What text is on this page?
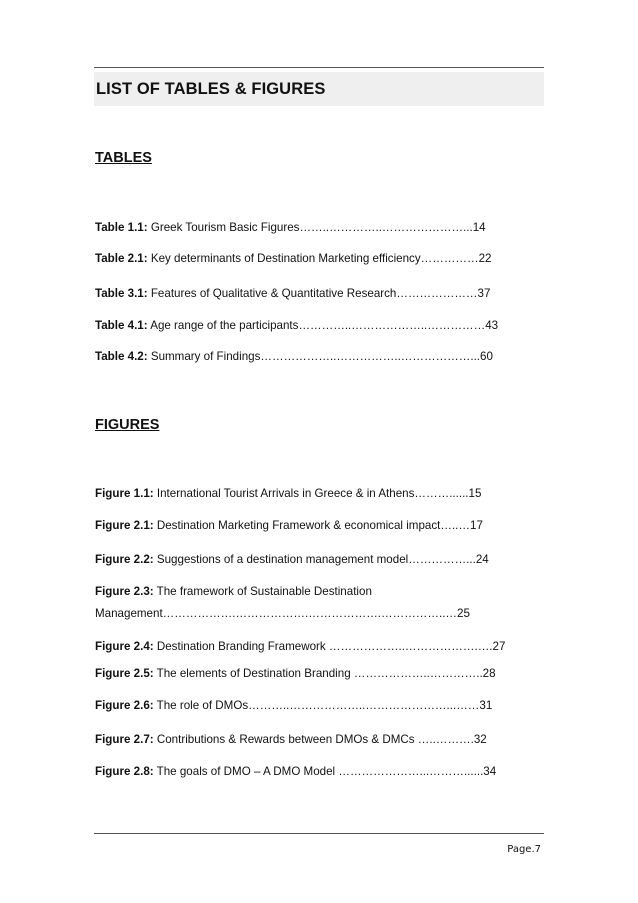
LIST OF TABLES & FIGURES
TABLES
Table 1.1: Greek Tourism Basic Figures……..…………..…………………...14
Table 2.1: Key determinants of Destination Marketing efficiency……………22
Table 3.1: Features of Qualitative & Quantitative Research…………………37
Table 4.1: Age range of the participants…………..………………..……………43
Table 4.2: Summary of Findings………………..……………..………………...60
FIGURES
Figure 1.1: International Tourist Arrivals in Greece & in Athens………......15
Figure 2.1: Destination Marketing Framework & economical impact…..…17
Figure 2.2: Suggestions of a destination management model……………...24
Figure 2.3: The framework of Sustainable Destination
Management……………….……………….……………….……………..…25
Figure 2.4: Destination Branding Framework ………………..……………….….27
Figure 2.5: The elements of Destination Branding ………………..…………..28
Figure 2.6: The role of DMOs………..………………..…………………...……31
Figure 2.7: Contributions & Rewards between DMOs & DMCs …..……….32
Figure 2.8: The goals of DMO – A DMO Model …………………...………......34
Page.7
